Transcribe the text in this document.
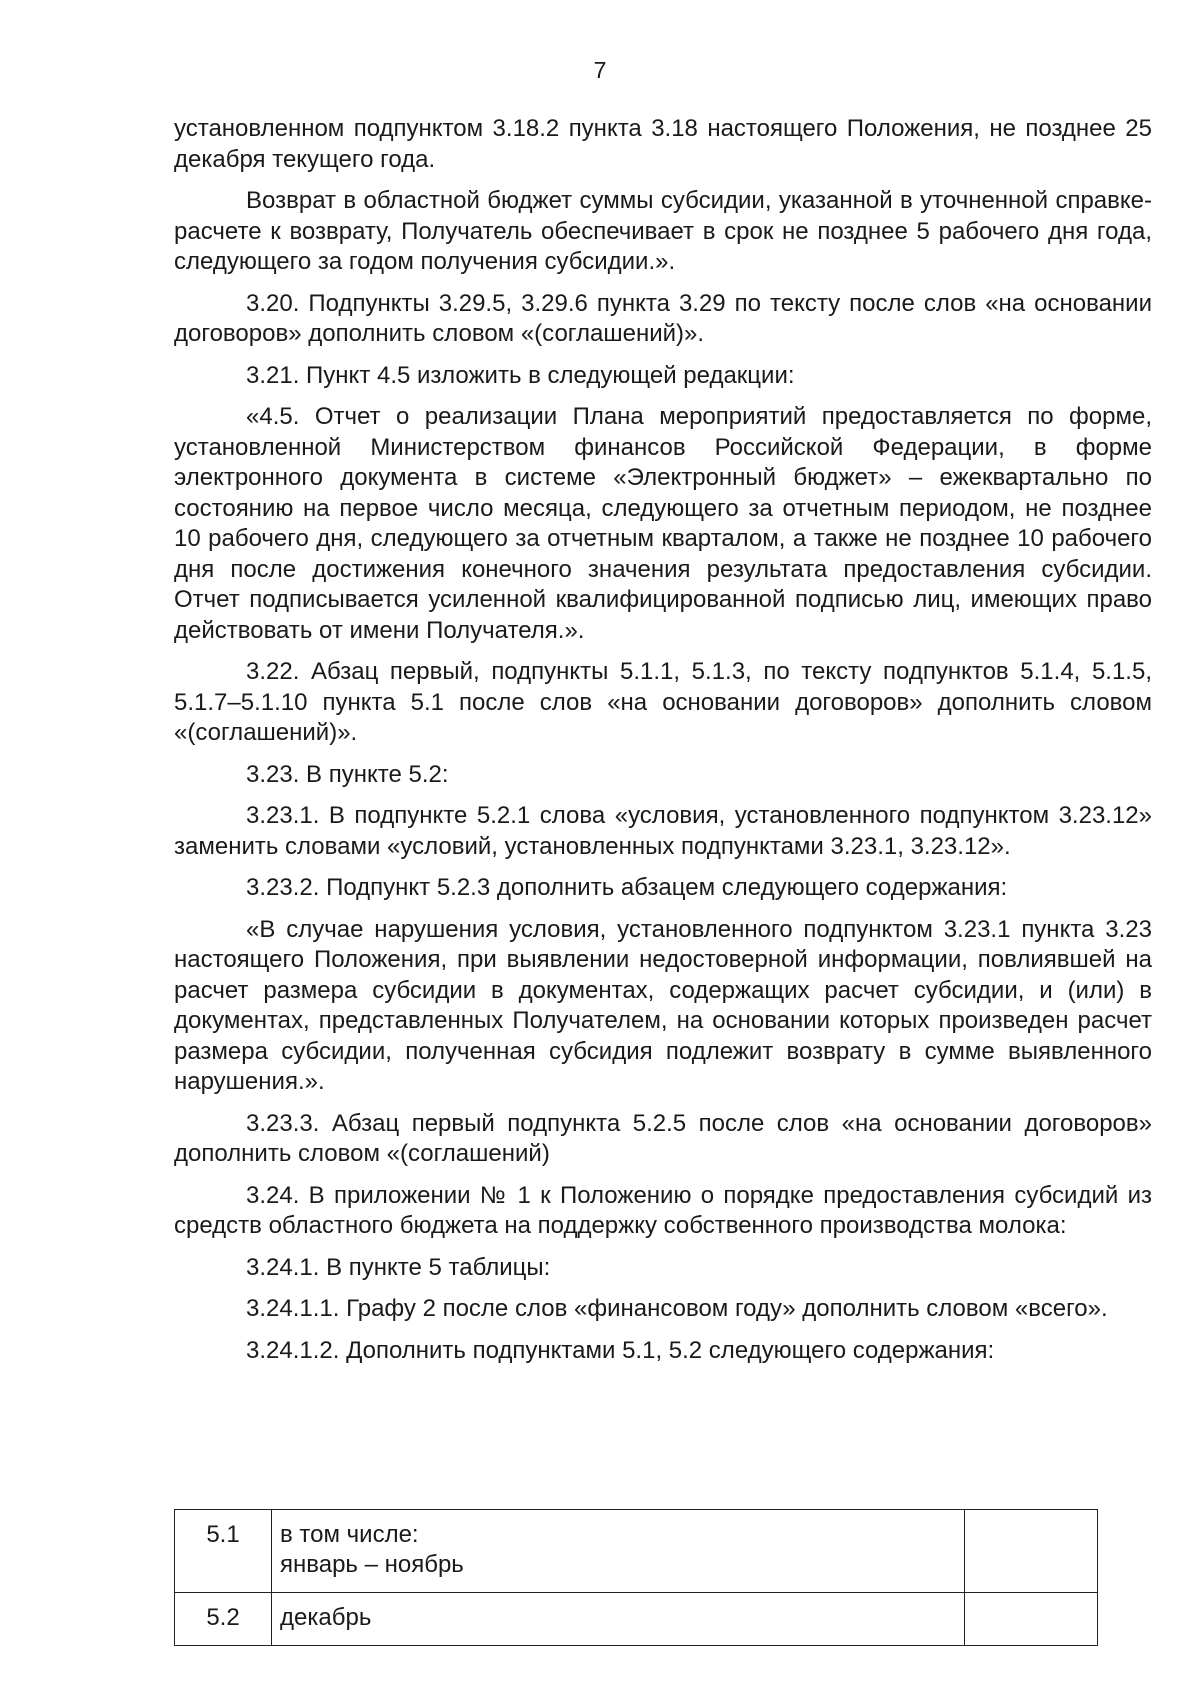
7

установленном подпунктом 3.18.2 пункта 3.18 настоящего Положения, не позднее 25 декабря текущего года.

Возврат в областной бюджет суммы субсидии, указанной в уточненной справке-расчете к возврату, Получатель обеспечивает в срок не позднее 5 рабочего дня года, следующего за годом получения субсидии.».

3.20. Подпункты 3.29.5, 3.29.6 пункта 3.29 по тексту после слов «на основании договоров» дополнить словом «(соглашений)».

3.21. Пункт 4.5 изложить в следующей редакции:

«4.5. Отчет о реализации Плана мероприятий предоставляется по форме, установленной Министерством финансов Российской Федерации, в форме электронного документа в системе «Электронный бюджет» – ежеквартально по состоянию на первое число месяца, следующего за отчетным периодом, не позднее 10 рабочего дня, следующего за отчетным кварталом, а также не позднее 10 рабочего дня после достижения конечного значения результата предоставления субсидии. Отчет подписывается усиленной квалифицированной подписью лиц, имеющих право действовать от имени Получателя.».

3.22. Абзац первый, подпункты 5.1.1, 5.1.3, по тексту подпунктов 5.1.4, 5.1.5, 5.1.7–5.1.10 пункта 5.1 после слов «на основании договоров» дополнить словом «(соглашений)».

3.23. В пункте 5.2:

3.23.1. В подпункте 5.2.1 слова «условия, установленного подпунктом 3.23.12» заменить словами «условий, установленных подпунктами 3.23.1, 3.23.12».

3.23.2. Подпункт 5.2.3 дополнить абзацем следующего содержания:

«В случае нарушения условия, установленного подпунктом 3.23.1 пункта 3.23 настоящего Положения, при выявлении недостоверной информации, повлиявшей на расчет размера субсидии в документах, содержащих расчет субсидии, и (или) в документах, представленных Получателем, на основании которых произведен расчет размера субсидии, полученная субсидия подлежит возврату в сумме выявленного нарушения.».

3.23.3. Абзац первый подпункта 5.2.5 после слов «на основании договоров» дополнить словом «(соглашений)

3.24. В приложении № 1 к Положению о порядке предоставления субсидий из средств областного бюджета на поддержку собственного производства молока:

3.24.1. В пункте 5 таблицы:

3.24.1.1. Графу 2 после слов «финансовом году» дополнить словом «всего».

3.24.1.2. Дополнить подпунктами 5.1, 5.2 следующего содержания:

5.1	в том числе:
январь – ноябрь	

5.2	декабрь	
